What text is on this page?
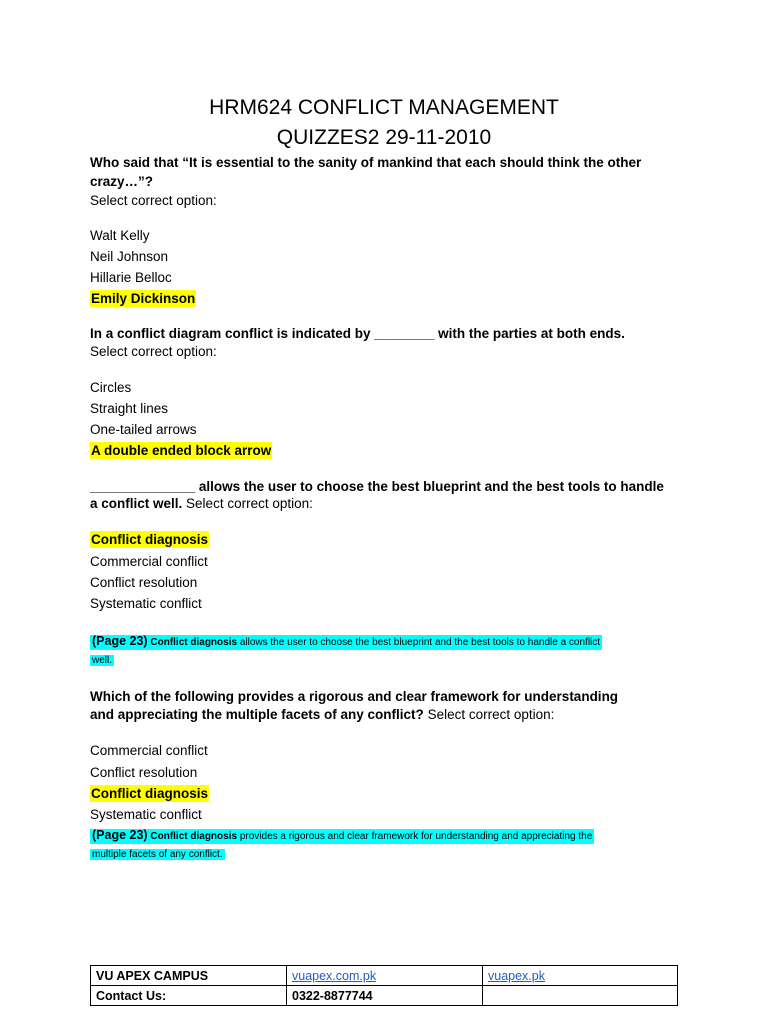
HRM624 CONFLICT MANAGEMENT
QUIZZES2 29-11-2010
Who said that “It is essential to the sanity of mankind that each should think the other
crazy…”?
Select correct option:
Walt Kelly
Neil Johnson
Hillarie Belloc
Emily Dickinson
In a conflict diagram conflict is indicated by ________ with the parties at both ends.
Select correct option:
Circles
Straight lines
One-tailed arrows
A double ended block arrow
______________ allows the user to choose the best blueprint and the best tools to handle
a conflict well. Select correct option:
Conflict diagnosis
Commercial conflict
Conflict resolution
Systematic conflict
(Page 23) Conflict diagnosis allows the user to choose the best blueprint and the best tools to handle a conflict
well.
Which of the following provides a rigorous and clear framework for understanding
and appreciating the multiple facets of any conflict? Select correct option:
Commercial conflict
Conflict resolution
Conflict diagnosis
Systematic conflict
(Page 23) Conflict diagnosis provides a rigorous and clear framework for understanding and appreciating the
multiple facets of any conflict.
VU APEX CAMPUS	vuapex.com.pk	vuapex.pk
Contact Us:	0322-8877744	
